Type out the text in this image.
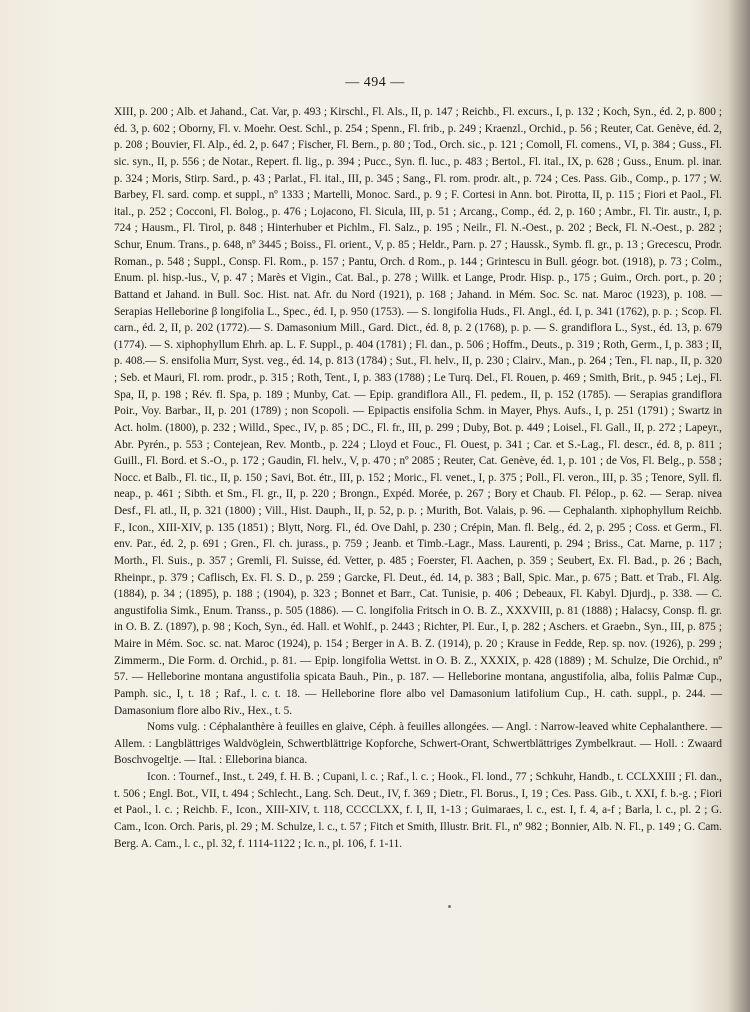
— 494 —

XIII, p. 200 ; Alb. et Jahand., Cat. Var, p. 493 ; Kirschl., Fl. Als., II, p. 147 ; Reichb., Fl. excurs., I, p. 132 ; Koch, Syn., éd. 2, p. 800 ; éd. 3, p. 602 ; Oborny, Fl. v. Moehr. Oest. Schl., p. 254 ; Spenn., Fl. frib., p. 249 ; Kraenzl., Orchid., p. 56 ; Reuter, Cat. Genève, éd. 2, p. 208 ; Bouvier, Fl. Alp., éd. 2, p. 647 ; Fischer, Fl. Bern., p. 80 ; Tod., Orch. sic., p. 121 ; Comoll, Fl. comens., VI, p. 384 ; Guss., Fl. sic. syn., II, p. 556 ; de Notar., Repert. fl. lig., p. 394 ; Pucc., Syn. fl. luc., p. 483 ; Bertol., Fl. ital., IX, p. 628 ; Guss., Enum. pl. inar. p. 324 ; Moris, Stirp. Sard., p. 43 ; Parlat., Fl. ital., III, p. 345 ; Sang., Fl. rom. prodr. alt., p. 724 ; Ces. Pass. Gib., Comp., p. 177 ; W. Barbey, Fl. sard. comp. et suppl., nº 1333 ; Martelli, Monoc. Sard., p. 9 ; F. Cortesi in Ann. bot. Pirotta, II, p. 115 ; Fiori et Paol., Fl. ital., p. 252 ; Cocconi, Fl. Bolog., p. 476 ; Lojacono, Fl. Sicula, III, p. 51 ; Arcang., Comp., éd. 2, p. 160 ; Ambr., Fl. Tir. austr., I, p. 724 ; Hausm., Fl. Tirol, p. 848 ; Hinterhuber et Pichlm., Fl. Salz., p. 195 ; Neilr., Fl. N.-Oest., p. 202 ; Beck, Fl. N.-Oest., p. 282 ; Schur, Enum. Trans., p. 648, nº 3445 ; Boiss., Fl. orient., V, p. 85 ; Heldr., Parn. p. 27 ; Haussk., Symb. fl. gr., p. 13 ; Grecescu, Prodr. Roman., p. 548 ; Suppl., Consp. Fl. Rom., p. 157 ; Pantu, Orch. d Rom., p. 144 ; Grintescu in Bull. géogr. bot. (1918), p. 73 ; Colm., Enum. pl. hisp.-lus., V, p. 47 ; Marès et Vigin., Cat. Bal., p. 278 ; Willk. et Lange, Prodr. Hisp. p., 175 ; Guim., Orch. port., p. 20 ; Battand et Jahand. in Bull. Soc. Hist. nat. Afr. du Nord (1921), p. 168 ; Jahand. in Mém. Soc. Sc. nat. Maroc (1923), p. 108. — Serapias Helleborine β longifolia L., Spec., éd. I, p. 950 (1753). — S. longifolia Huds., Fl. Angl., éd. I, p. 341 (1762), p. p. ; Scop. Fl. carn., éd. 2, II, p. 202 (1772).— S. Damasonium Mill., Gard. Dict., éd. 8, p. 2 (1768), p. p. — S. grandiflora L., Syst., éd. 13, p. 679 (1774). — S. xiphophyllum Ehrh. ap. L. F. Suppl., p. 404 (1781) ; Fl. dan., p. 506 ; Hoffm., Deuts., p. 319 ; Roth, Germ., I, p. 383 ; II, p. 408.— S. ensifolia Murr, Syst. veg., éd. 14, p. 813 (1784) ; Sut., Fl. helv., II, p. 230 ; Clairv., Man., p. 264 ; Ten., Fl. nap., II, p. 320 ; Seb. et Mauri, Fl. rom. prodr., p. 315 ; Roth, Tent., I, p. 383 (1788) ; Le Turq. Del., Fl. Rouen, p. 469 ; Smith, Brit., p. 945 ; Lej., Fl. Spa, II, p. 198 ; Rév. fl. Spa, p. 189 ; Munby, Cat. — Epip. grandiflora All., Fl. pedem., II, p. 152 (1785). — Serapias grandiflora Poir., Voy. Barbar., II, p. 201 (1789) ; non Scopoli. — Epipactis ensifolia Schm. in Mayer, Phys. Aufs., I, p. 251 (1791) ; Swartz in Act. holm. (1800), p. 232 ; Willd., Spec., IV, p. 85 ; DC., Fl. fr., III, p. 299 ; Duby, Bot. p. 449 ; Loisel., Fl. Gall., II, p. 272 ; Lapeyr., Abr. Pyrén., p. 553 ; Contejean, Rev. Montb., p. 224 ; Lloyd et Fouc., Fl. Ouest, p. 341 ; Car. et S.-Lag., Fl. descr., éd. 8, p. 811 ; Guill., Fl. Bord. et S.-O., p. 172 ; Gaudin, Fl. helv., V, p. 470 ; nº 2085 ; Reuter, Cat. Genève, éd. 1, p. 101 ; de Vos, Fl. Belg., p. 558 ; Nocc. et Balb., Fl. tic., II, p. 150 ; Savi, Bot. étr., III, p. 152 ; Moric., Fl. venet., I, p. 375 ; Poll., Fl. veron., III, p. 35 ; Tenore, Syll. fl. neap., p. 461 ; Sibth. et Sm., Fl. gr., II, p. 220 ; Brongn., Expéd. Morée, p. 267 ; Bory et Chaub. Fl. Pélop., p. 62. — Serap. nivea Desf., Fl. atl., II, p. 321 (1800) ; Vill., Hist. Dauph., II, p. 52, p. p. ; Murith, Bot. Valais, p. 96. — Cephalanth. xiphophyllum Reichb. F., Icon., XIII-XIV, p. 135 (1851) ; Blytt, Norg. Fl., éd. Ove Dahl, p. 230 ; Crépin, Man. fl. Belg., éd. 2, p. 295 ; Coss. et Germ., Fl. env. Par., éd. 2, p. 691 ; Gren., Fl. ch. jurass., p. 759 ; Jeanb. et Timb.-Lagr., Mass. Laurenti, p. 294 ; Briss., Cat. Marne, p. 117 ; Morth., Fl. Suis., p. 357 ; Gremli, Fl. Suisse, éd. Vetter, p. 485 ; Foerster, Fl. Aachen, p. 359 ; Seubert, Ex. Fl. Bad., p. 26 ; Bach, Rheinpr., p. 379 ; Caflisch, Ex. Fl. S. D., p. 259 ; Garcke, Fl. Deut., éd. 14, p. 383 ; Ball, Spic. Mar., p. 675 ; Batt. et Trab., Fl. Alg. (1884), p. 34 ; (1895), p. 188 ; (1904), p. 323 ; Bonnet et Barr., Cat. Tunisie, p. 406 ; Debeaux, Fl. Kabyl. Djurdj., p. 338. — C. angustifolia Simk., Enum. Transs., p. 505 (1886). — C. longifolia Fritsch in O. B. Z., XXXVIII, p. 81 (1888) ; Halacsy, Consp. fl. gr. in O. B. Z. (1897), p. 98 ; Koch, Syn., éd. Hall. et Wohlf., p. 2443 ; Richter, Pl. Eur., I, p. 282 ; Aschers. et Graebn., Syn., III, p. 875 ; Maire in Mém. Soc. sc. nat. Maroc (1924), p. 154 ; Berger in A. B. Z. (1914), p. 20 ; Krause in Fedde, Rep. sp. nov. (1926), p. 299 ; Zimmerm., Die Form. d. Orchid., p. 81. — Epip. longifolia Wettst. in O. B. Z., XXXIX, p. 428 (1889) ; M. Schulze, Die Orchid., nº 57. — Helleborine montana angustifolia spicata Bauh., Pin., p. 187. — Helleborine montana, angustifolia, alba, foliis Palmæ Cup., Pamph. sic., I, t. 18 ; Raf., l. c. t. 18. — Helleborine flore albo vel Damasonium latifolium Cup., H. cath. suppl., p. 244. — Damasonium flore albo Riv., Hex., t. 5.

Noms vulg. : Céphalanthère à feuilles en glaive, Céph. à feuilles allongées. — Angl. : Narrow-leaved white Cephalanthere. — Allem. : Langblättriges Waldvöglein, Schwertblättrige Kopforche, Schwert-Orant, Schwertblättriges Zymbelkraut. — Holl. : Zwaard Boschvogeltje. — Ital. : Elleborina bianca.

Icon. : Tournef., Inst., t. 249, f. H. B. ; Cupani, l. c. ; Raf., l. c. ; Hook., Fl. lond., 77 ; Schkuhr, Handb., t. CCLXXIII ; Fl. dan., t. 506 ; Engl. Bot., VII, t. 494 ; Schlecht., Lang. Sch. Deut., IV, f. 369 ; Dietr., Fl. Borus., I, 19 ; Ces. Pass. Gib., t. XXI, f. b.-g. ; Fiori et Paol., l. c. ; Reichb. F., Icon., XIII-XIV, t. 118, CCCCLXX, f. I, II, 1-13 ; Guimaraes, l. c., est. I, f. 4, a-f ; Barla, l. c., pl. 2 ; G. Cam., Icon. Orch. Paris, pl. 29 ; M. Schulze, l. c., t. 57 ; Fitch et Smith, Illustr. Brit. Fl., nº 982 ; Bonnier, Alb. N. Fl., p. 149 ; G. Cam. Berg. A. Cam., l. c., pl. 32, f. 1114-1122 ; Ic. n., pl. 106, f. 1-11.
